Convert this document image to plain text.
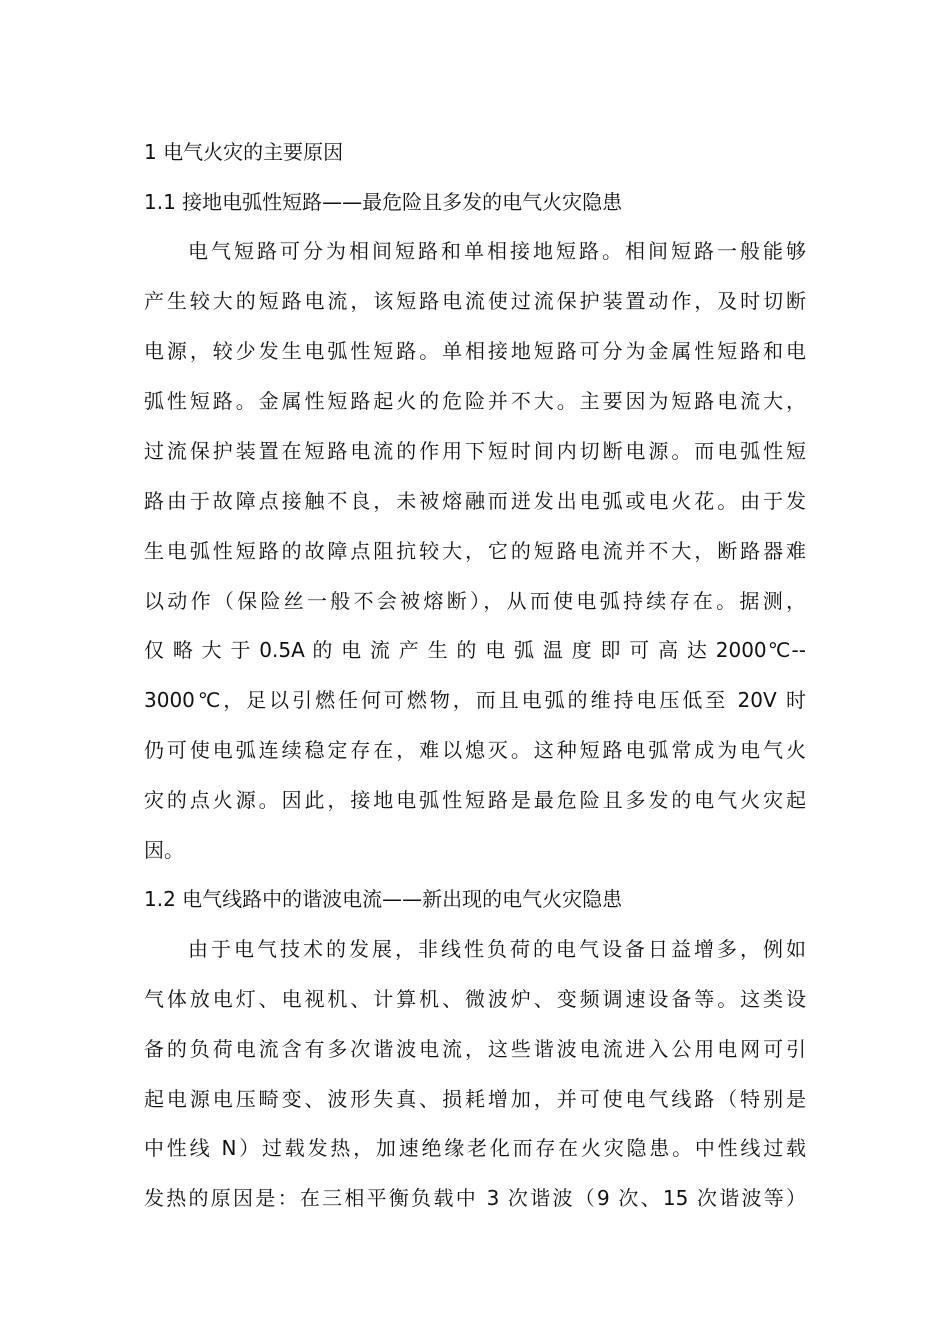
1 电气火灾的主要原因
1.1 接地电弧性短路——最危险且多发的电气火灾隐患
电气短路可分为相间短路和单相接地短路。相间短路一般能够
产生较大的短路电流，该短路电流使过流保护装置动作，及时切断
电源，较少发生电弧性短路。单相接地短路可分为金属性短路和电
弧性短路。金属性短路起火的危险并不大。主要因为短路电流大，
过流保护装置在短路电流的作用下短时间内切断电源。而电弧性短
路由于故障点接触不良，未被熔融而迸发出电弧或电火花。由于发
生电弧性短路的故障点阻抗较大，它的短路电流并不大，断路器难
以动作（保险丝一般不会被熔断），从而使电弧持续存在。据测，
仅 略 大 于 0.5A 的 电 流 产 生 的 电 弧 温 度 即 可 高 达 2000℃--
3000℃，足以引燃任何可燃物，而且电弧的维持电压低至 20V 时
仍可使电弧连续稳定存在，难以熄灭。这种短路电弧常成为电气火
灾的点火源。因此，接地电弧性短路是最危险且多发的电气火灾起
因。
1.2 电气线路中的谐波电流——新出现的电气火灾隐患
由于电气技术的发展，非线性负荷的电气设备日益增多，例如
气体放电灯、电视机、计算机、微波炉、变频调速设备等。这类设
备的负荷电流含有多次谐波电流，这些谐波电流进入公用电网可引
起电源电压畸变、波形失真、损耗增加，并可使电气线路（特别是
中性线 N）过载发热，加速绝缘老化而存在火灾隐患。中性线过载
发热的原因是：在三相平衡负载中 3 次谐波（9 次、15 次谐波等）
